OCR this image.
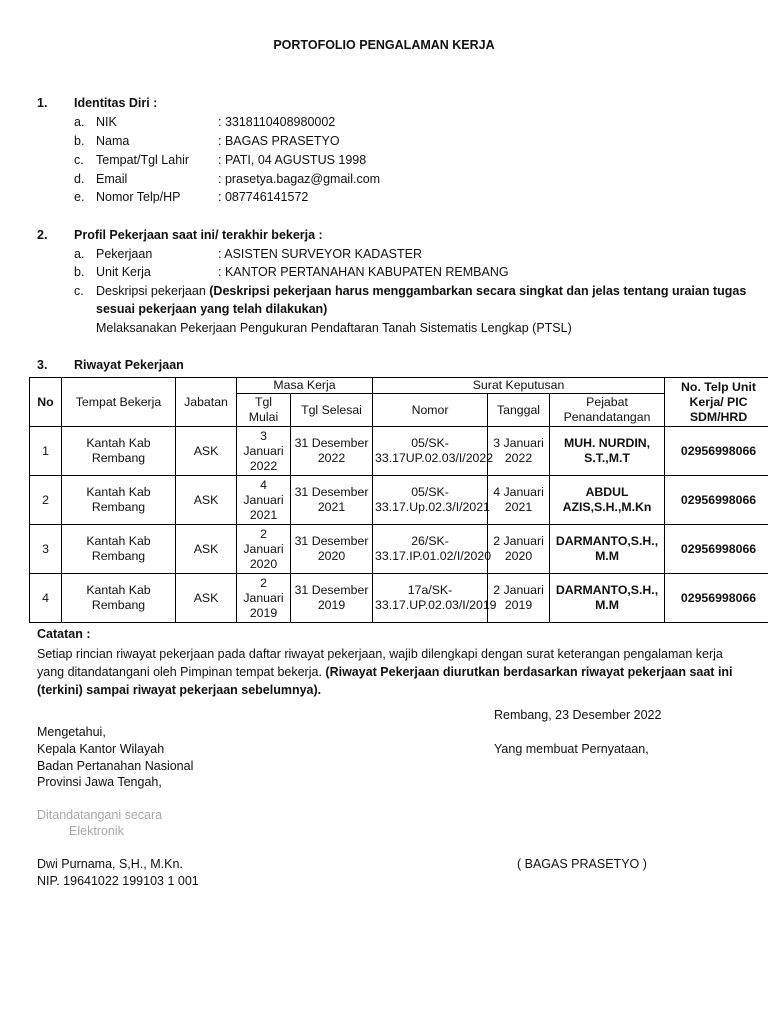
PORTOFOLIO PENGALAMAN KERJA
1. Identitas Diri :
a. NIK	: 3318110408980002
b. Nama	: BAGAS PRASETYO
c. Tempat/Tgl Lahir : PATI, 04 AGUSTUS 1998
d. Email	: prasetya.bagaz@gmail.com
e. Nomor Telp/HP	: 087746141572
2. Profil Pekerjaan saat ini/ terakhir bekerja :
a. Pekerjaan	: ASISTEN SURVEYOR KADASTER
b. Unit Kerja	: KANTOR PERTANAHAN KABUPATEN REMBANG
c. Deskripsi pekerjaan (Deskripsi pekerjaan harus menggambarkan secara singkat dan jelas tentang uraian tugas
sesuai pekerjaan yang telah dilakukan)
Melaksanakan Pekerjaan Pengukuran Pendaftaran Tanah Sistematis Lengkap (PTSL)
3. Riwayat Pekerjaan
No	Tempat Bekerja	Jabatan	Masa Kerja		Surat Keputusan			No. Telp Unit Kerja/ PIC SDM/HRD
			Tgl Mulai	Tgl Selesai	Nomor	Tanggal	Pejabat Penandatangan	
1	Kantah Kab Rembang	ASK	3 Januari 2022	31 Desember 2022	05/SK-33.17UP.02.03/I/2022	3 Januari 2022	MUH. NURDIN, S.T.,M.T	02956998066
2	Kantah Kab Rembang	ASK	4 Januari 2021	31 Desember 2021	05/SK-33.17.Up.02.3/I/2021	4 Januari 2021	ABDUL AZIS,S.H.,M.Kn	02956998066
3	Kantah Kab Rembang	ASK	2 Januari 2020	31 Desember 2020	26/SK-33.17.IP.01.02/I/2020	2 Januari 2020	DARMANTO,S.H., M.M	02956998066
4	Kantah Kab Rembang	ASK	2 Januari 2019	31 Desember 2019	17a/SK-33.17.UP.02.03/I/2019	2 Januari 2019	DARMANTO,S.H., M.M	02956998066
Catatan :
Setiap rincian riwayat pekerjaan pada daftar riwayat pekerjaan, wajib dilengkapi dengan surat keterangan pengalaman kerja yang ditandatangani oleh Pimpinan tempat bekerja. (Riwayat Pekerjaan diurutkan berdasarkan riwayat pekerjaan saat ini (terkini) sampai riwayat pekerjaan sebelumnya).
Rembang, 23 Desember 2022
Mengetahui,
Kepala Kantor Wilayah	Yang membuat Pernyataan,
Badan Pertanahan Nasional
Provinsi Jawa Tengah,
Ditandatangani secara
Elektronik
Dwi Purnama, S,H., M.Kn.	( BAGAS PRASETYO )
NIP. 19641022 199103 1 001
